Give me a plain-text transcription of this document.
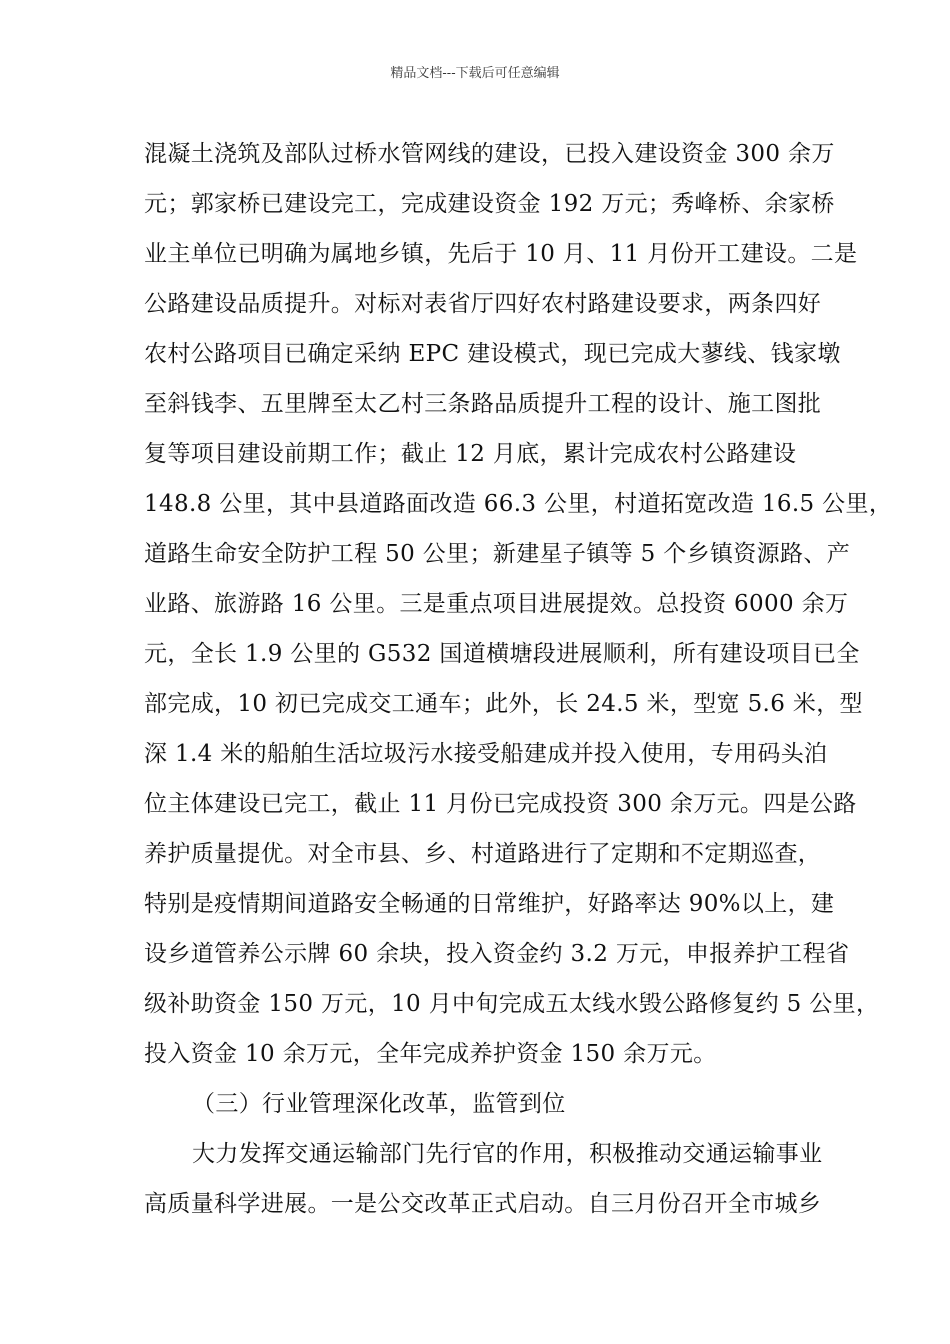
精品文档---下载后可任意编辑
混凝土浇筑及部队过桥水管网线的建设，已投入建设资金 300 余万
元；郭家桥已建设完工，完成建设资金 192 万元；秀峰桥、余家桥
业主单位已明确为属地乡镇，先后于 10 月、11 月份开工建设。二是
公路建设品质提升。对标对表省厅四好农村路建设要求，两条四好
农村公路项目已确定采纳 EPC 建设模式，现已完成大蓼线、钱家墩
至斜钱李、五里牌至太乙村三条路品质提升工程的设计、施工图批
复等项目建设前期工作；截止 12 月底，累计完成农村公路建设
148.8 公里，其中县道路面改造 66.3 公里，村道拓宽改造 16.5 公里，
道路生命安全防护工程 50 公里；新建星子镇等 5 个乡镇资源路、产
业路、旅游路 16 公里。三是重点项目进展提效。总投资 6000 余万
元，全长 1.9 公里的 G532 国道横塘段进展顺利，所有建设项目已全
部完成，10 初已完成交工通车；此外，长 24.5 米，型宽 5.6 米，型
深 1.4 米的船舶生活垃圾污水接受船建成并投入使用，专用码头泊
位主体建设已完工，截止 11 月份已完成投资 300 余万元。四是公路
养护质量提优。对全市县、乡、村道路进行了定期和不定期巡查，
特别是疫情期间道路安全畅通的日常维护，好路率达 90%以上，建
设乡道管养公示牌 60 余块，投入资金约 3.2 万元，申报养护工程省
级补助资金 150 万元，10 月中旬完成五太线水毁公路修复约 5 公里，
投入资金 10 余万元，全年完成养护资金 150 余万元。
（三）行业管理深化改革，监管到位
大力发挥交通运输部门先行官的作用，积极推动交通运输事业
高质量科学进展。一是公交改革正式启动。自三月份召开全市城乡
